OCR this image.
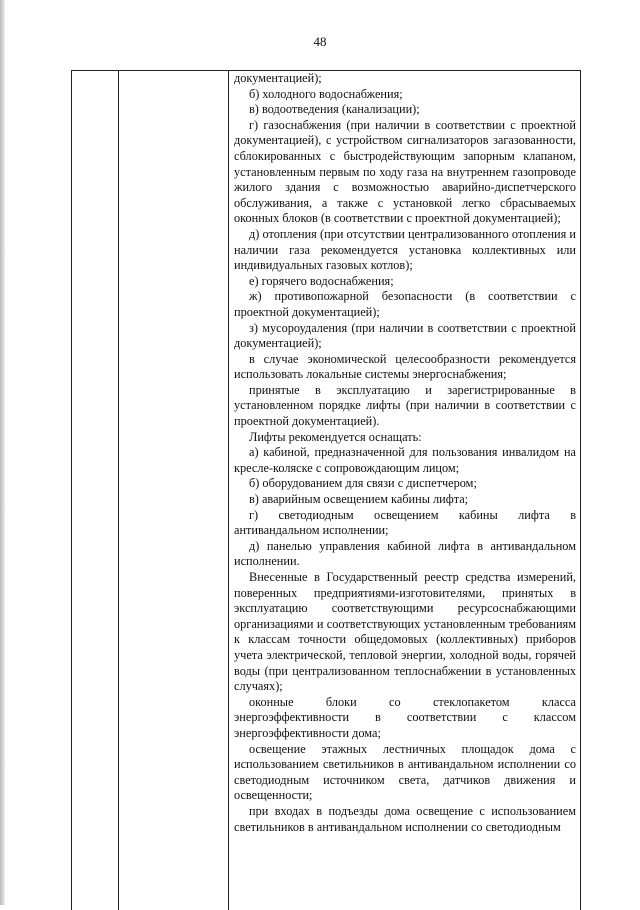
48

документацией);

б) холодного водоснабжения;

в) водоотведения (канализации);

г) газоснабжения (при наличии в соответствии с проектной документацией), с устройством сигнализаторов загазованности, сблокированных с быстродействующим запорным клапаном, установленным первым по ходу газа на внутреннем газопроводе жилого здания с возможностью аварийно-диспетчерского обслуживания, а также с установкой легко сбрасываемых оконных блоков (в соответствии с проектной документацией);

д) отопления (при отсутствии централизованного отопления и наличии газа рекомендуется установка коллективных или индивидуальных газовых котлов);

е) горячего водоснабжения;

ж) противопожарной безопасности (в соответствии с проектной документацией);

з) мусороудаления (при наличии в соответствии с проектной документацией);

в случае экономической целесообразности рекомендуется использовать локальные системы энергоснабжения;

принятые в эксплуатацию и зарегистрированные в установленном порядке лифты (при наличии в соответствии с проектной документацией).

Лифты рекомендуется оснащать:

а) кабиной, предназначенной для пользования инвалидом на кресле-коляске с сопровождающим лицом;

б) оборудованием для связи с диспетчером;

в) аварийным освещением кабины лифта;

г) светодиодным освещением кабины лифта в антивандальном исполнении;

д) панелью управления кабиной лифта в антивандальном исполнении.

Внесенные в Государственный реестр средства измерений, поверенных предприятиями-изготовителями, принятых в эксплуатацию соответствующими ресурсоснабжающими организациями и соответствующих установленным требованиям к классам точности общедомовых (коллективных) приборов учета электрической, тепловой энергии, холодной воды, горячей воды (при централизованном теплоснабжении в установленных случаях);

оконные блоки со стеклопакетом класса энергоэффективности в соответствии с классом энергоэффективности дома;

освещение этажных лестничных площадок дома с использованием светильников в антивандальном исполнении со светодиодным источником света, датчиков движения и освещенности;

при входах в подъезды дома освещение с использованием светильников в антивандальном исполнении со светодиодным
